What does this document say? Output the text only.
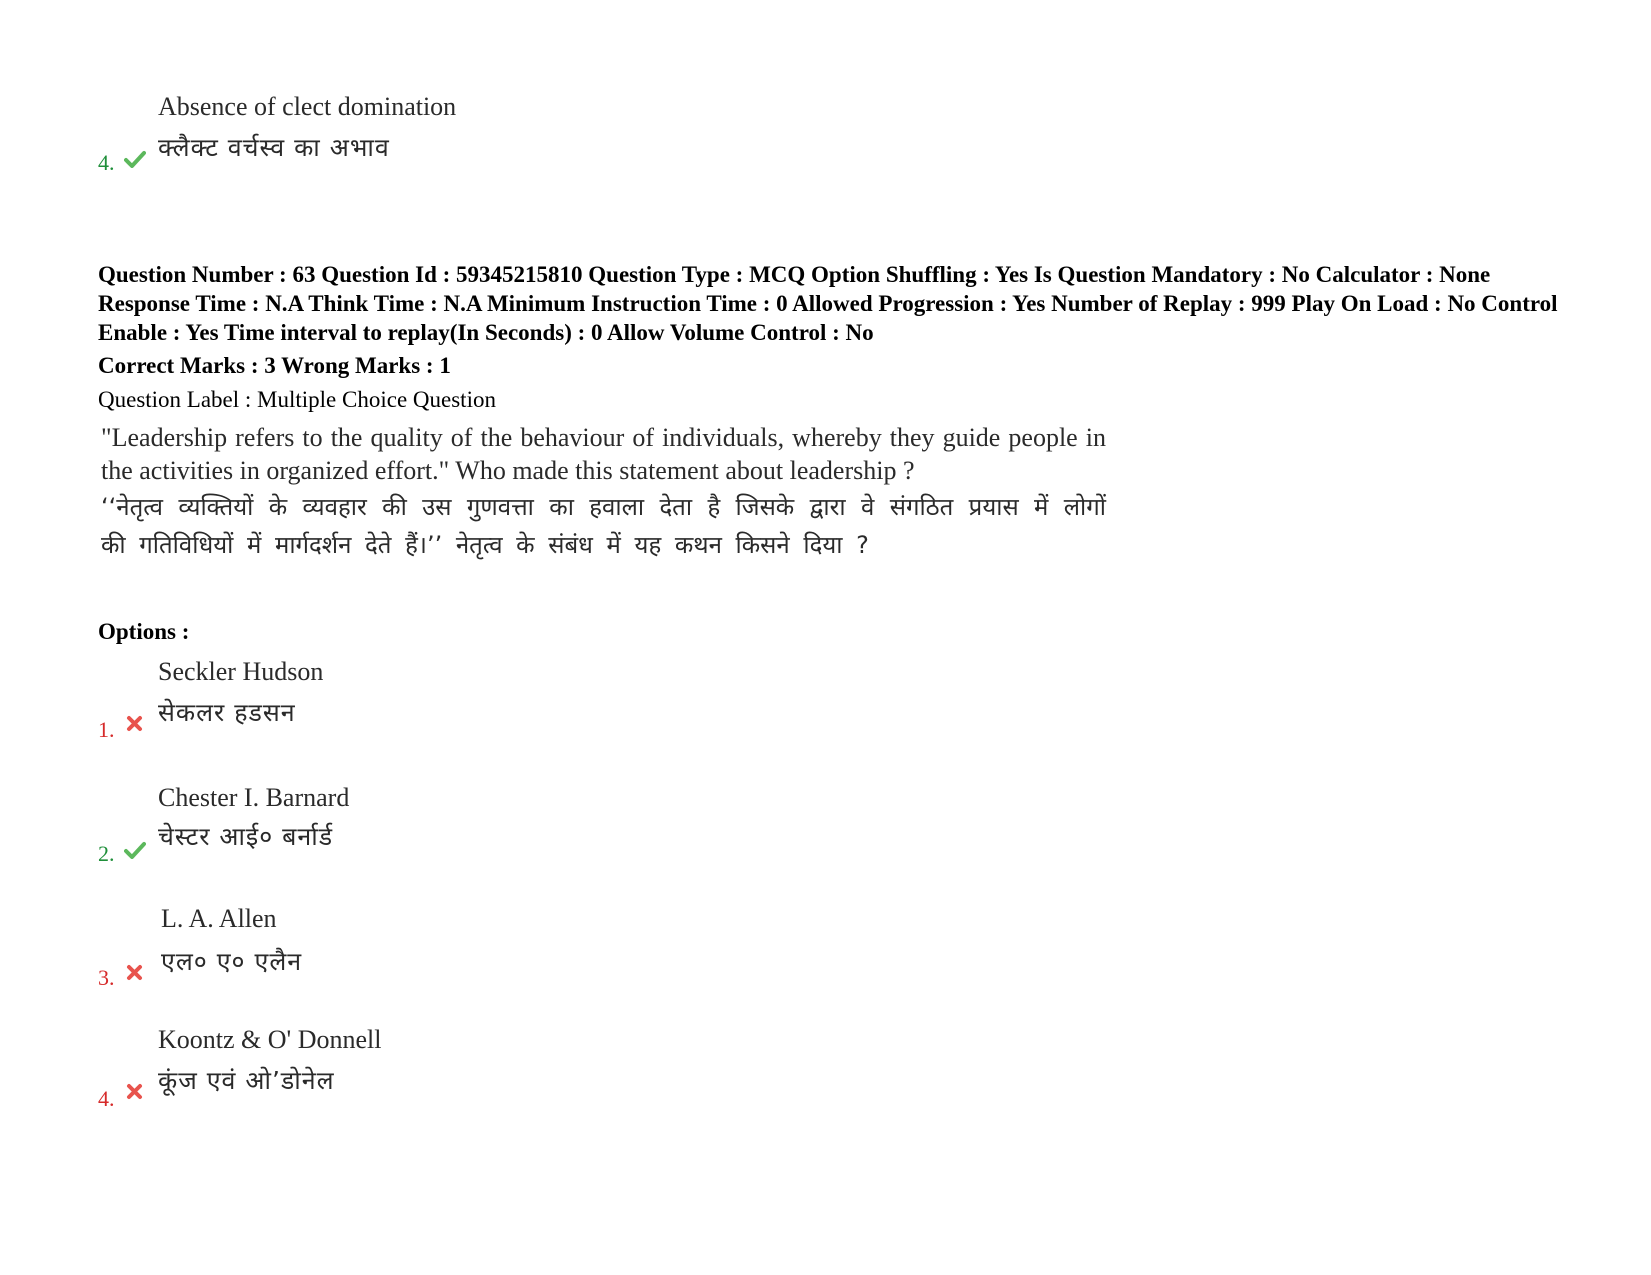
Absence of clect domination
क्लैक्ट वर्चस्व का अभाव
4.
Question Number : 63 Question Id : 59345215810 Question Type : MCQ Option Shuffling : Yes Is Question Mandatory : No Calculator : None Response Time : N.A Think Time : N.A Minimum Instruction Time : 0 Allowed Progression : Yes Number of Replay : 999 Play On Load : No Control Enable : Yes Time interval to replay(In Seconds) : 0 Allow Volume Control : No
Correct Marks : 3 Wrong Marks : 1
Question Label : Multiple Choice Question
"Leadership refers to the quality of the behaviour of individuals, whereby they guide people in the activities in organized effort." Who made this statement about leadership ?
‘‘नेतृत्व व्यक्तियों के व्यवहार की उस गुणवत्ता का हवाला देता है जिसके द्वारा वे संगठित प्रयास में लोगों की गतिविधियों में मार्गदर्शन देते हैं।’’ नेतृत्व के संबंध में यह कथन किसने दिया ?
Options :
Seckler Hudson
सेकलर हडसन
1.
Chester I. Barnard
चेस्टर आई० बर्नार्ड
2.
L. A. Allen
एल० ए० एलैन
3.
Koontz & O' Donnell
कूंज एवं ओ’डोनेल
4.
